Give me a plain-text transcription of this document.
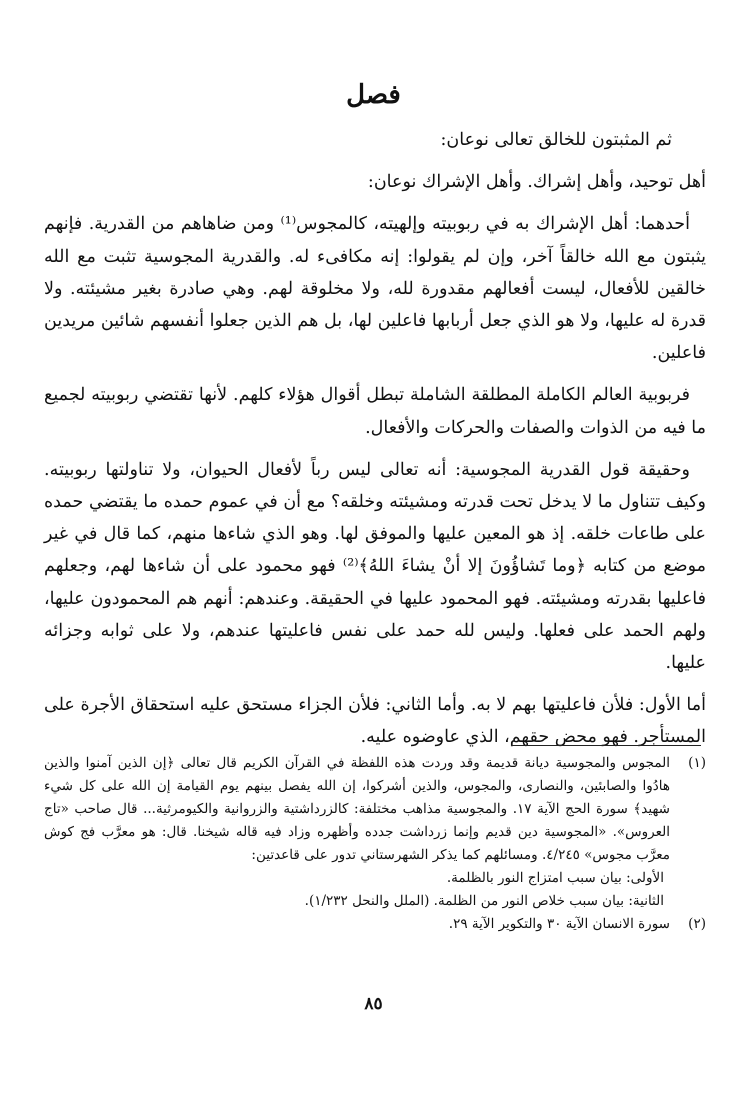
فصل

ثم المثبتون للخالق تعالى نوعان:

أهل توحيد، وأهل إشراك. وأهل الإشراك نوعان:

أحدهما: أهل الإشراك به في ربوبيته وإلهيته، كالمجوس⁽¹⁾ ومن ضاهاهم من القدرية. فإنهم يثبتون مع الله خالقاً آخر، وإن لم يقولوا: إنه مكافىء له. والقدرية المجوسية تثبت مع الله خالقين للأفعال، ليست أفعالهم مقدورة لله، ولا مخلوقة لهم. وهي صادرة بغير مشيئته. ولا قدرة له عليها، ولا هو الذي جعل أربابها فاعلين لها، بل هم الذين جعلوا أنفسهم شائين مريدين فاعلين.

فربوبية العالم الكاملة المطلقة الشاملة تبطل أقوال هؤلاء كلهم. لأنها تقتضي ربوبيته لجميع ما فيه من الذوات والصفات والحركات والأفعال.

وحقيقة قول القدرية المجوسية: أنه تعالى ليس رباً لأفعال الحيوان، ولا تناولتها ربوبيته. وكيف تتناول ما لا يدخل تحت قدرته ومشيئته وخلقه؟ مع أن في عموم حمده ما يقتضي حمده على طاعات خلقه. إذ هو المعين عليها والموفق لها. وهو الذي شاءها منهم، كما قال في غير موضع من كتابه ﴿وما تَشاؤُونَ إلا أنْ يشاءَ اللهُ﴾⁽²⁾ فهو محمود على أن شاءها لهم، وجعلهم فاعليها بقدرته ومشيئته. فهو المحمود عليها في الحقيقة. وعندهم: أنهم هم المحمودون عليها، ولهم الحمد على فعلها. وليس لله حمد على نفس فاعليتها عندهم، ولا على ثوابه وجزائه عليها.

أما الأول: فلأن فاعليتها بهم لا به. وأما الثاني: فلأن الجزاء مستحق عليه استحقاق الأجرة على المستأجر. فهو محض حقهم، الذي عاوضوه عليه.

(١)
المجوس والمجوسية ديانة قديمة وقد وردت هذه اللفظة في القرآن الكريم قال تعالى ﴿إن الذين آمنوا والذين هادُوا والصابئين، والنصارى، والمجوس، والذين أشركوا، إن الله يفصل بينهم يوم القيامة إن الله على كل شيء شهيد﴾ سورة الحج الآية ١٧. والمجوسية مذاهب مختلفة: كالزرداشتية والزروانية والكيومرثية... قال صاحب «تاج العروس». «المجوسية دين قديم وإنما زرداشت جدده وأظهره وزاد فيه قاله شيخنا. قال: هو معرَّب فج كوش معرَّب مجوس» ٤/٢٤٥. ومسائلهم كما يذكر الشهرستاني تدور على قاعدتين:
الأولى: بيان سبب امتزاج النور بالظلمة.
الثانية: بيان سبب خلاص النور من الظلمة. (الملل والنحل ١/٢٣٢).
(٢)
سورة الانسان الآية ٣٠ والتكوير الآية ٢٩.
٨٥
